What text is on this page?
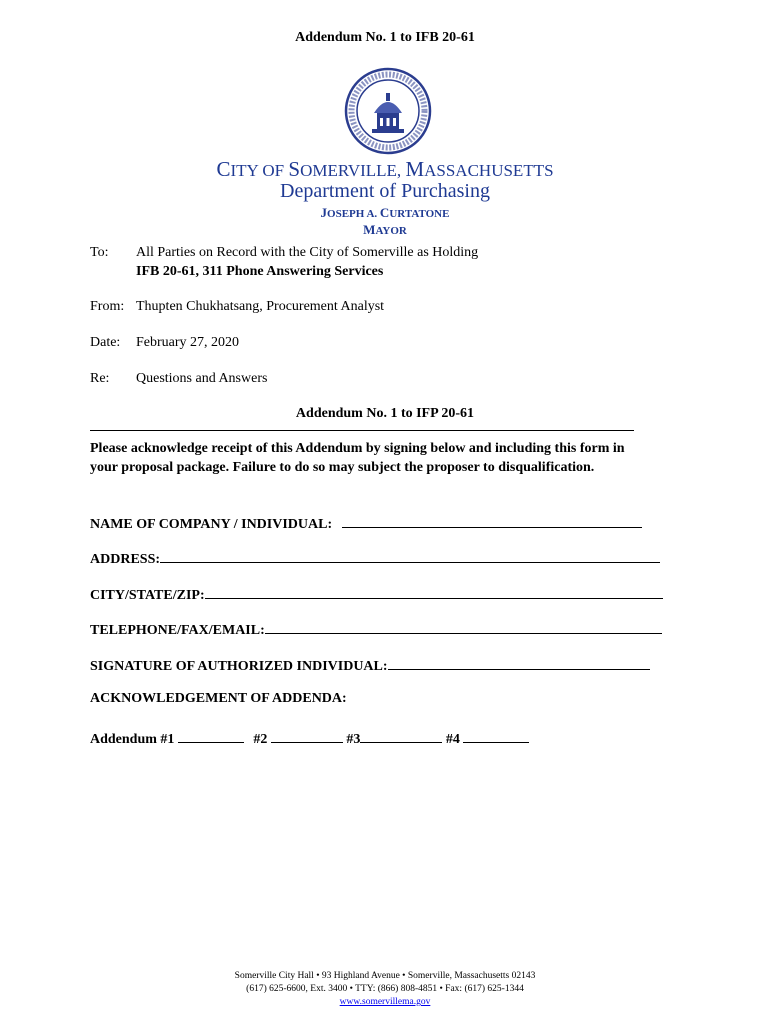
Addendum No. 1 to IFB 20-61
CITY OF SOMERVILLE, MASSACHUSETTS
Department of Purchasing
JOSEPH A. CURTATONE
MAYOR
To: All Parties on Record with the City of Somerville as Holding
IFB 20-61, 311 Phone Answering Services
From: Thupten Chukhatsang, Procurement Analyst
Date: February 27, 2020
Re: Questions and Answers
Addendum No. 1 to IFP 20-61
Please acknowledge receipt of this Addendum by signing below and including this form in
your proposal package. Failure to do so may subject the proposer to disqualification.
NAME OF COMPANY / INDIVIDUAL:
ADDRESS:
CITY/STATE/ZIP:
TELEPHONE/FAX/EMAIL:
SIGNATURE OF AUTHORIZED INDIVIDUAL:
ACKNOWLEDGEMENT OF ADDENDA:
Addendum #1	#2	#3	#4
Somerville City Hall • 93 Highland Avenue • Somerville, Massachusetts 02143
(617) 625-6600, Ext. 3400 • TTY: (866) 808-4851 • Fax: (617) 625-1344
www.somervillema.gov
